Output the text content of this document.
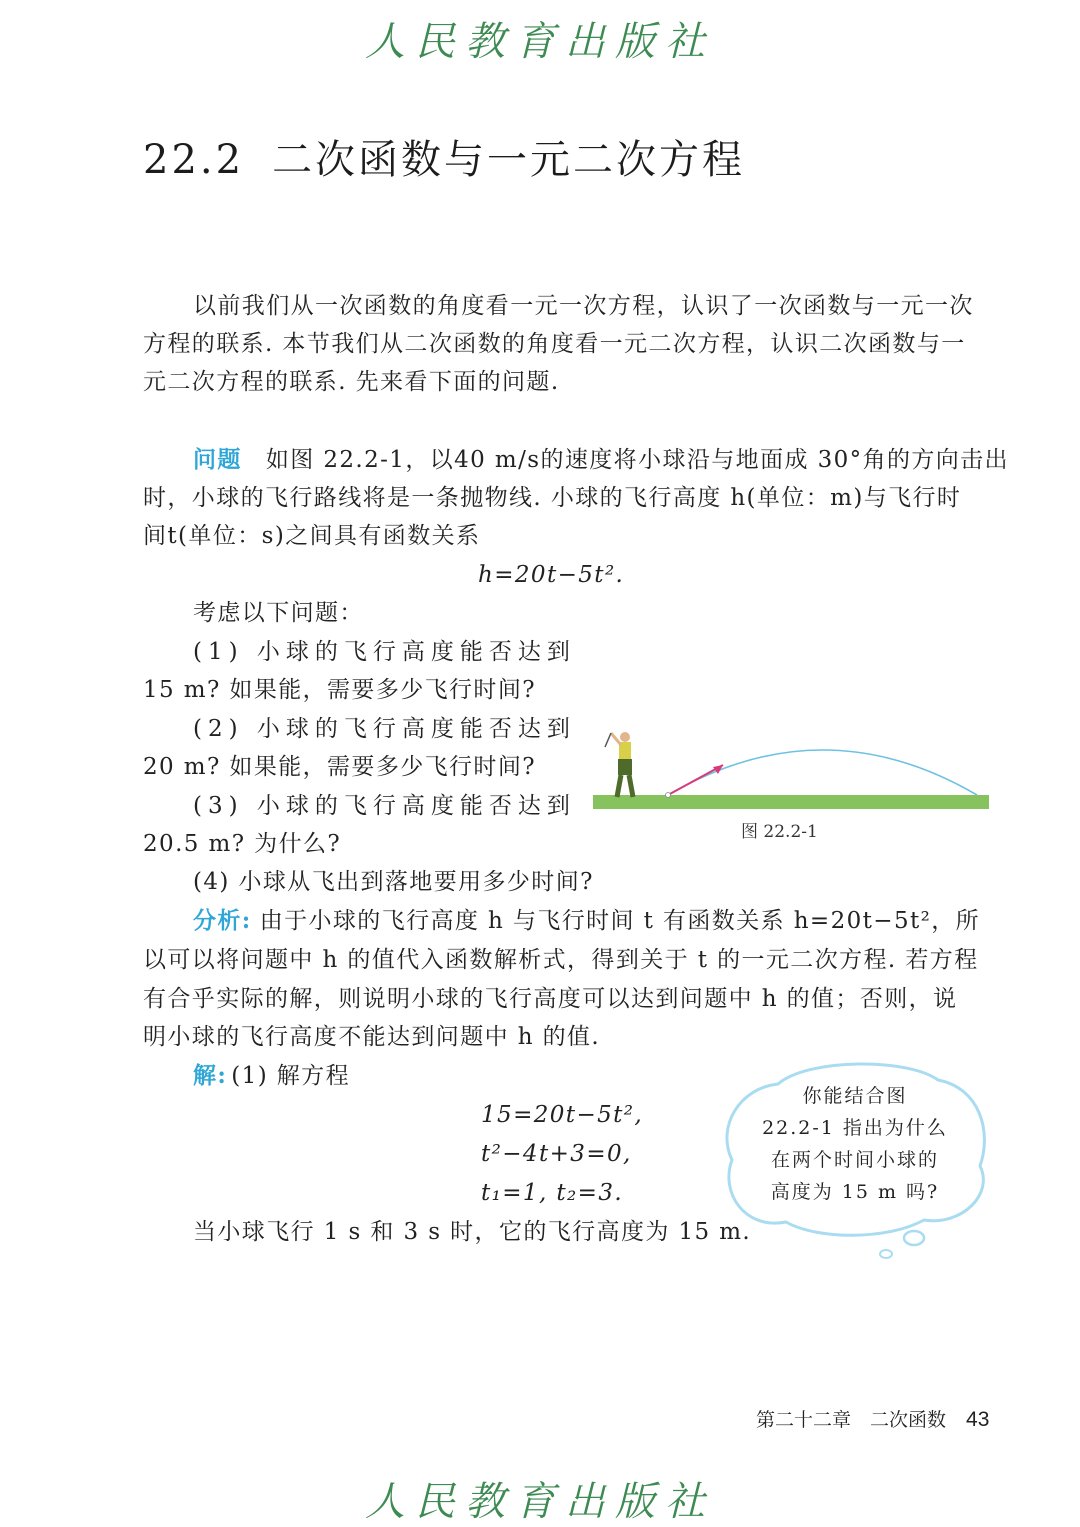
人民教育出版社
22.2 二次函数与一元二次方程
以前我们从一次函数的角度看一元一次方程，认识了一次函数与一元一次
方程的联系. 本节我们从二次函数的角度看一元二次方程，认识二次函数与一
元二次方程的联系. 先来看下面的问题.
问题 如图 22.2-1，以40 m/s的速度将小球沿与地面成 30°角的方向击出
时，小球的飞行路线将是一条抛物线. 小球的飞行高度 h(单位：m)与飞行时
间t(单位：s)之间具有函数关系
h=20t−5t².
考虑以下问题：
(1) 小球的飞行高度能否达到
15 m? 如果能，需要多少飞行时间?
(2) 小球的飞行高度能否达到
20 m? 如果能，需要多少飞行时间?
(3) 小球的飞行高度能否达到
20.5 m? 为什么?
(4) 小球从飞出到落地要用多少时间?
图 22.2-1
分析: 由于小球的飞行高度 h 与飞行时间 t 有函数关系 h=20t−5t²，所
以可以将问题中 h 的值代入函数解析式，得到关于 t 的一元二次方程. 若方程
有合乎实际的解，则说明小球的飞行高度可以达到问题中 h 的值；否则，说
明小球的飞行高度不能达到问题中 h 的值.
解: (1) 解方程
15=20t−5t²,
t²−4t+3=0,
t₁=1, t₂=3.
当小球飞行 1 s 和 3 s 时，它的飞行高度为 15 m.
你能结合图
22.2-1 指出为什么
在两个时间小球的
高度为 15 m 吗?
第二十二章　二次函数 43
人民教育出版社
